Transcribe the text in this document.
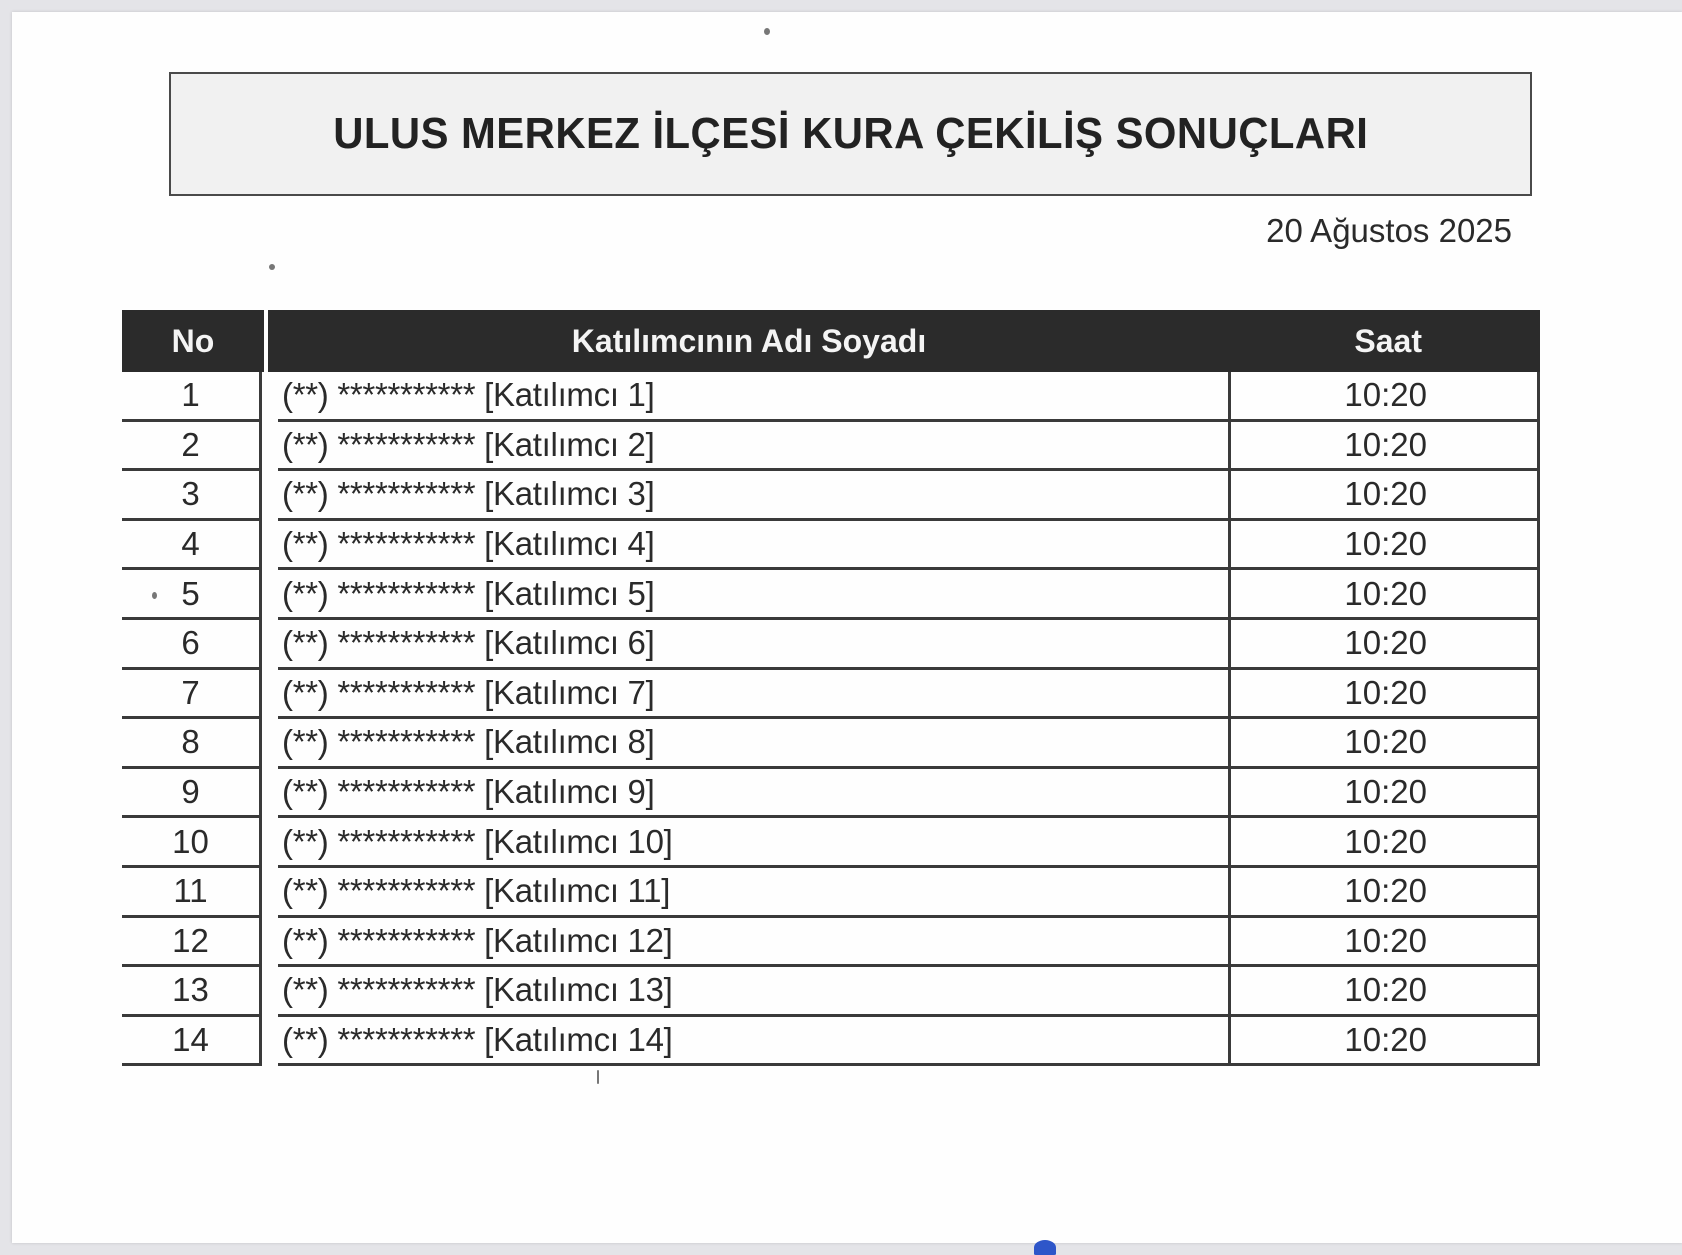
ULUS MERKEZ İLÇESİ KURA ÇEKİLİŞ SONUÇLARI
20 Ağustos 2025
No	Katılımcının Adı Soyadı	Saat
1	(**) *********** [Katılımcı 1]	10:20
2	(**) *********** [Katılımcı 2]	10:20
3	(**) *********** [Katılımcı 3]	10:20
4	(**) *********** [Katılımcı 4]	10:20
5	(**) *********** [Katılımcı 5]	10:20
6	(**) *********** [Katılımcı 6]	10:20
7	(**) *********** [Katılımcı 7]	10:20
8	(**) *********** [Katılımcı 8]	10:20
9	(**) *********** [Katılımcı 9]	10:20
10	(**) *********** [Katılımcı 10]	10:20
11	(**) *********** [Katılımcı 11]	10:20
12	(**) *********** [Katılımcı 12]	10:20
13	(**) *********** [Katılımcı 13]	10:20
14	(**) *********** [Katılımcı 14]	10:20
